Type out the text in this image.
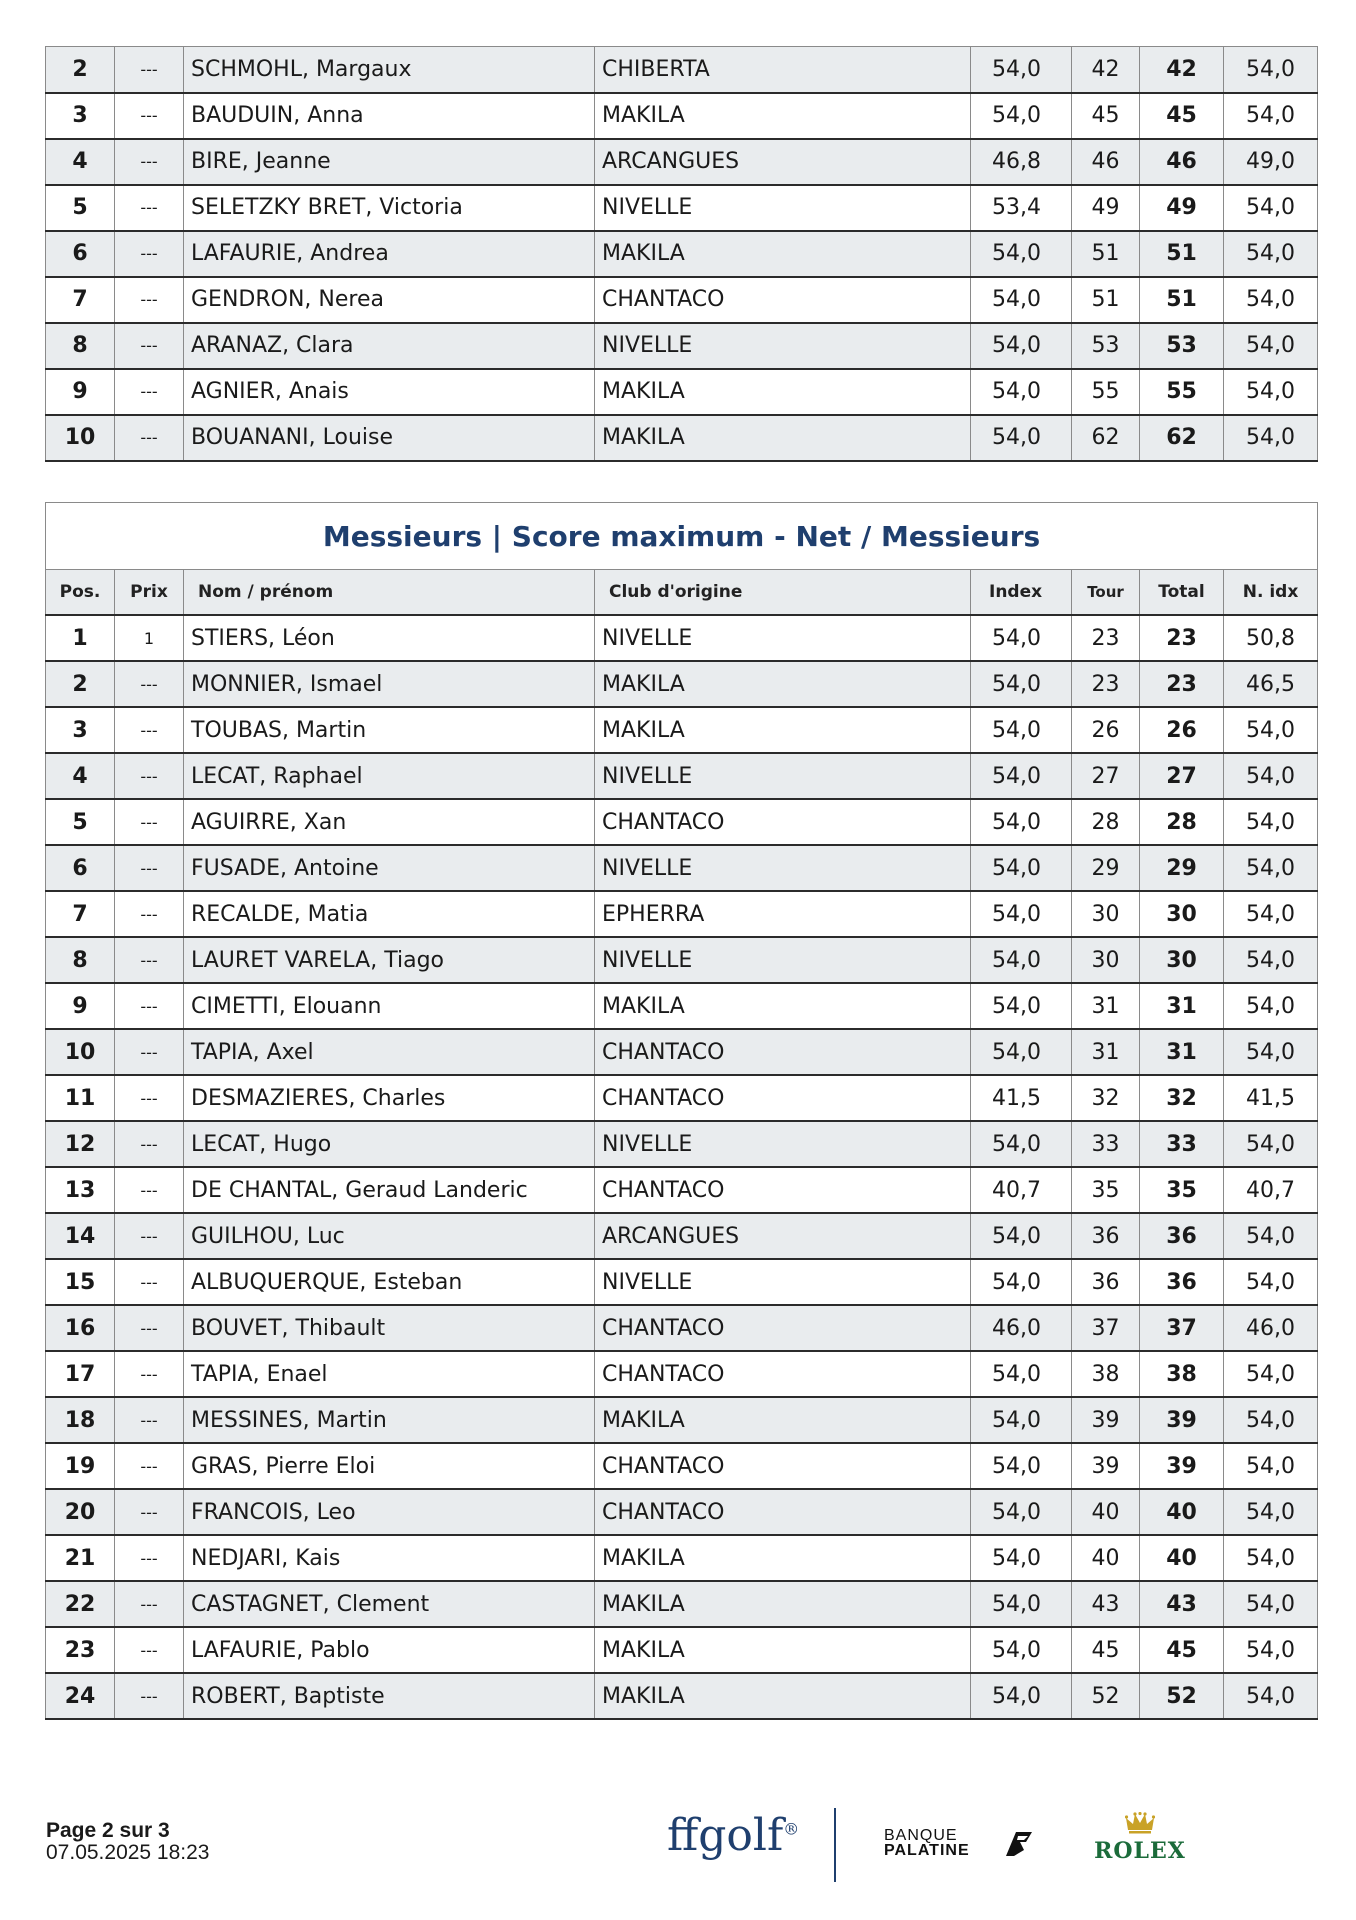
2	---	SCHMOHL, Margaux	CHIBERTA	54,0	42	42	54,0
3	---	BAUDUIN, Anna	MAKILA	54,0	45	45	54,0
4	---	BIRE, Jeanne	ARCANGUES	46,8	46	46	49,0
5	---	SELETZKY BRET, Victoria	NIVELLE	53,4	49	49	54,0
6	---	LAFAURIE, Andrea	MAKILA	54,0	51	51	54,0
7	---	GENDRON, Nerea	CHANTACO	54,0	51	51	54,0
8	---	ARANAZ, Clara	NIVELLE	54,0	53	53	54,0
9	---	AGNIER, Anais	MAKILA	54,0	55	55	54,0
10	---	BOUANANI, Louise	MAKILA	54,0	62	62	54,0
Messieurs | Score maximum - Net / Messieurs							
Pos.	Prix	Nom / prénom	Club d'origine	Index	Tour	Total	N. idx
1	1	STIERS, Léon	NIVELLE	54,0	23	23	50,8
2	---	MONNIER, Ismael	MAKILA	54,0	23	23	46,5
3	---	TOUBAS, Martin	MAKILA	54,0	26	26	54,0
4	---	LECAT, Raphael	NIVELLE	54,0	27	27	54,0
5	---	AGUIRRE, Xan	CHANTACO	54,0	28	28	54,0
6	---	FUSADE, Antoine	NIVELLE	54,0	29	29	54,0
7	---	RECALDE, Matia	EPHERRA	54,0	30	30	54,0
8	---	LAURET VARELA, Tiago	NIVELLE	54,0	30	30	54,0
9	---	CIMETTI, Elouann	MAKILA	54,0	31	31	54,0
10	---	TAPIA, Axel	CHANTACO	54,0	31	31	54,0
11	---	DESMAZIERES, Charles	CHANTACO	41,5	32	32	41,5
12	---	LECAT, Hugo	NIVELLE	54,0	33	33	54,0
13	---	DE CHANTAL, Geraud Landeric	CHANTACO	40,7	35	35	40,7
14	---	GUILHOU, Luc	ARCANGUES	54,0	36	36	54,0
15	---	ALBUQUERQUE, Esteban	NIVELLE	54,0	36	36	54,0
16	---	BOUVET, Thibault	CHANTACO	46,0	37	37	46,0
17	---	TAPIA, Enael	CHANTACO	54,0	38	38	54,0
18	---	MESSINES, Martin	MAKILA	54,0	39	39	54,0
19	---	GRAS, Pierre Eloi	CHANTACO	54,0	39	39	54,0
20	---	FRANCOIS, Leo	CHANTACO	54,0	40	40	54,0
21	---	NEDJARI, Kais	MAKILA	54,0	40	40	54,0
22	---	CASTAGNET, Clement	MAKILA	54,0	43	43	54,0
23	---	LAFAURIE, Pablo	MAKILA	54,0	45	45	54,0
24	---	ROBERT, Baptiste	MAKILA	54,0	52	52	54,0
Page 2 sur 3
07.05.2025 18:23	ffgolf®	BANQUE
PALATINE	ROLEX
